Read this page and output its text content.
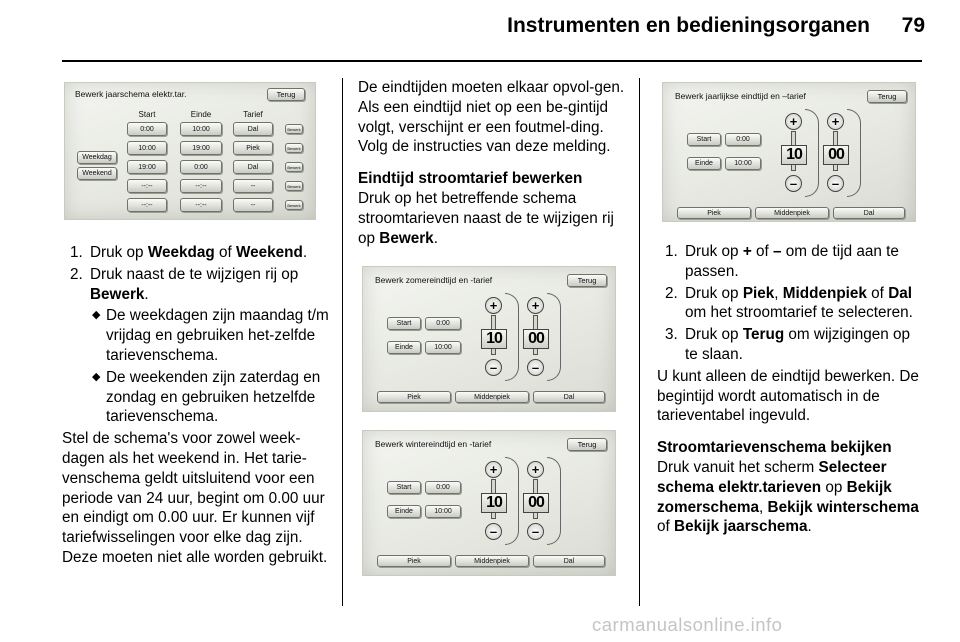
Instrumenten en bedieningsorganen	79
Bewerk jaarschema elektr.tar.	Terug
Start	Einde	Tarief
Weekdag
Weekend
0:00	10:00	Dal	Bewerk
10:00	19:00	Piek	Bewerk
19:00	0:00	Dal	Bewerk
--:--	--:--	--	Bewerk
--:--	--:--	--	Bewerk
1. Druk op Weekdag of Weekend.
2. Druk naast de te wijzigen rij op Bewerk.
◆ De weekdagen zijn maandag t/m vrijdag en gebruiken het-zelfde tarievenschema.
◆ De weekenden zijn zaterdag en zondag en gebruiken hetzelfde tarievenschema.

Stel de schema's voor zowel week-dagen als het weekend in. Het tarie-venschema geldt uitsluitend voor een periode van 24 uur, begint om 0.00 uur en eindigt om 0.00 uur. Er kunnen vijf tariefwisselingen voor elke dag zijn. Deze moeten niet alle worden gebruikt.

De eindtijden moeten elkaar opvol-gen. Als een eindtijd niet op een be-gintijd volgt, verschijnt er een foutmel-ding. Volg de instructies van deze melding.

Eindtijd stroomtarief bewerken

Druk op het betreffende schema stroomtarieven naast de te wijzigen rij op Bewerk.

Bewerk zomereindtijd en -tarief	Terug
Start	0:00
Einde	10:00
+
10
–
+
00
–
Piek	Middenpiek	Dal
Bewerk wintereindtijd en -tarief	Terug
Start	0:00
Einde	10:00
+
10
–
+
00
–
Piek	Middenpiek	Dal
Bewerk jaarlijkse eindtijd en –tarief	Terug
Start	0:00
Einde	10:00
+
10
–
+
00
–
Piek	Middenpiek	Dal
1. Druk op + of – om de tijd aan te passen.
2. Druk op Piek, Middenpiek of Dal om het stroomtarief te selecteren.
3. Druk op Terug om wijzigingen op te slaan.

U kunt alleen de eindtijd bewerken. De begintijd wordt automatisch in de tarieventabel ingevuld.

Stroomtarievenschema bekijken

Druk vanuit het scherm Selecteer schema elektr.tarieven op Bekijk zomerschema, Bekijk winterschema of Bekijk jaarschema.

carmanualsonline.info
